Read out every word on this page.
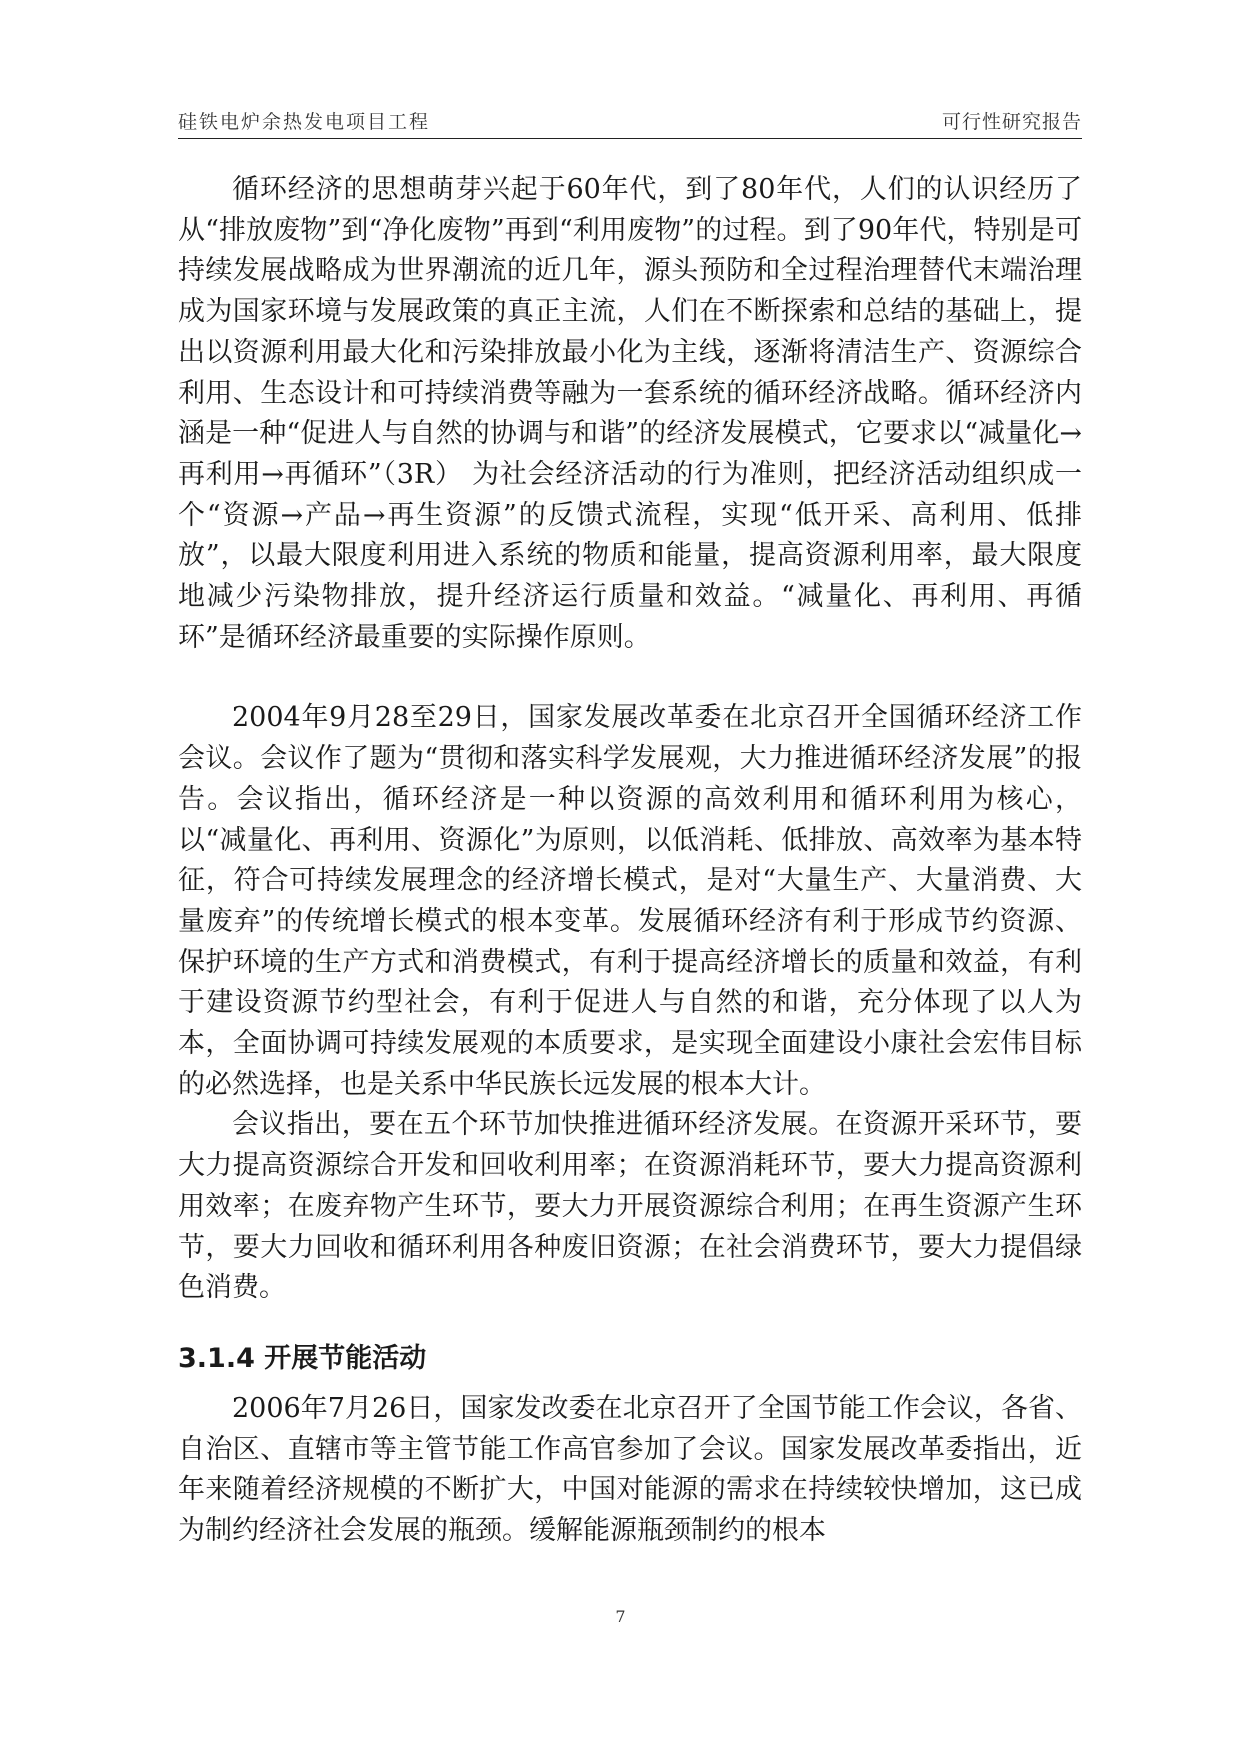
硅铁电炉余热发电项目工程	可行性研究报告

循环经济的思想萌芽兴起于60年代，到了80年代，人们的认识经历了从“排放废物”到“净化废物”再到“利用废物”的过程。到了90年代，特别是可持续发展战略成为世界潮流的近几年，源头预防和全过程治理替代末端治理成为国家环境与发展政策的真正主流，人们在不断探索和总结的基础上，提出以资源利用最大化和污染排放最小化为主线，逐渐将清洁生产、资源综合利用、生态设计和可持续消费等融为一套系统的循环经济战略。循环经济内涵是一种“促进人与自然的协调与和谐”的经济发展模式，它要求以“减量化→再利用→再循环”（3R） 为社会经济活动的行为准则，把经济活动组织成一个“资源→产品→再生资源”的反馈式流程，实现“低开采、高利用、低排放”，以最大限度利用进入系统的物质和能量，提高资源利用率，最大限度地减少污染物排放，提升经济运行质量和效益。“减量化、再利用、再循环”是循环经济最重要的实际操作原则。

2004年9月28至29日，国家发展改革委在北京召开全国循环经济工作会议。会议作了题为“贯彻和落实科学发展观，大力推进循环经济发展”的报告。会议指出，循环经济是一种以资源的高效利用和循环利用为核心，以“减量化、再利用、资源化”为原则，以低消耗、低排放、高效率为基本特征，符合可持续发展理念的经济增长模式，是对“大量生产、大量消费、大量废弃”的传统增长模式的根本变革。发展循环经济有利于形成节约资源、保护环境的生产方式和消费模式，有利于提高经济增长的质量和效益，有利于建设资源节约型社会，有利于促进人与自然的和谐，充分体现了以人为本，全面协调可持续发展观的本质要求，是实现全面建设小康社会宏伟目标的必然选择，也是关系中华民族长远发展的根本大计。

会议指出，要在五个环节加快推进循环经济发展。在资源开采环节，要大力提高资源综合开发和回收利用率；在资源消耗环节，要大力提高资源利用效率；在废弃物产生环节，要大力开展资源综合利用；在再生资源产生环节，要大力回收和循环利用各种废旧资源；在社会消费环节，要大力提倡绿色消费。

3.1.4 开展节能活动

2006年7月26日，国家发改委在北京召开了全国节能工作会议，各省、自治区、直辖市等主管节能工作高官参加了会议。国家发展改革委指出，近年来随着经济规模的不断扩大，中国对能源的需求在持续较快增加，这已成为制约经济社会发展的瓶颈。缓解能源瓶颈制约的根本

7
